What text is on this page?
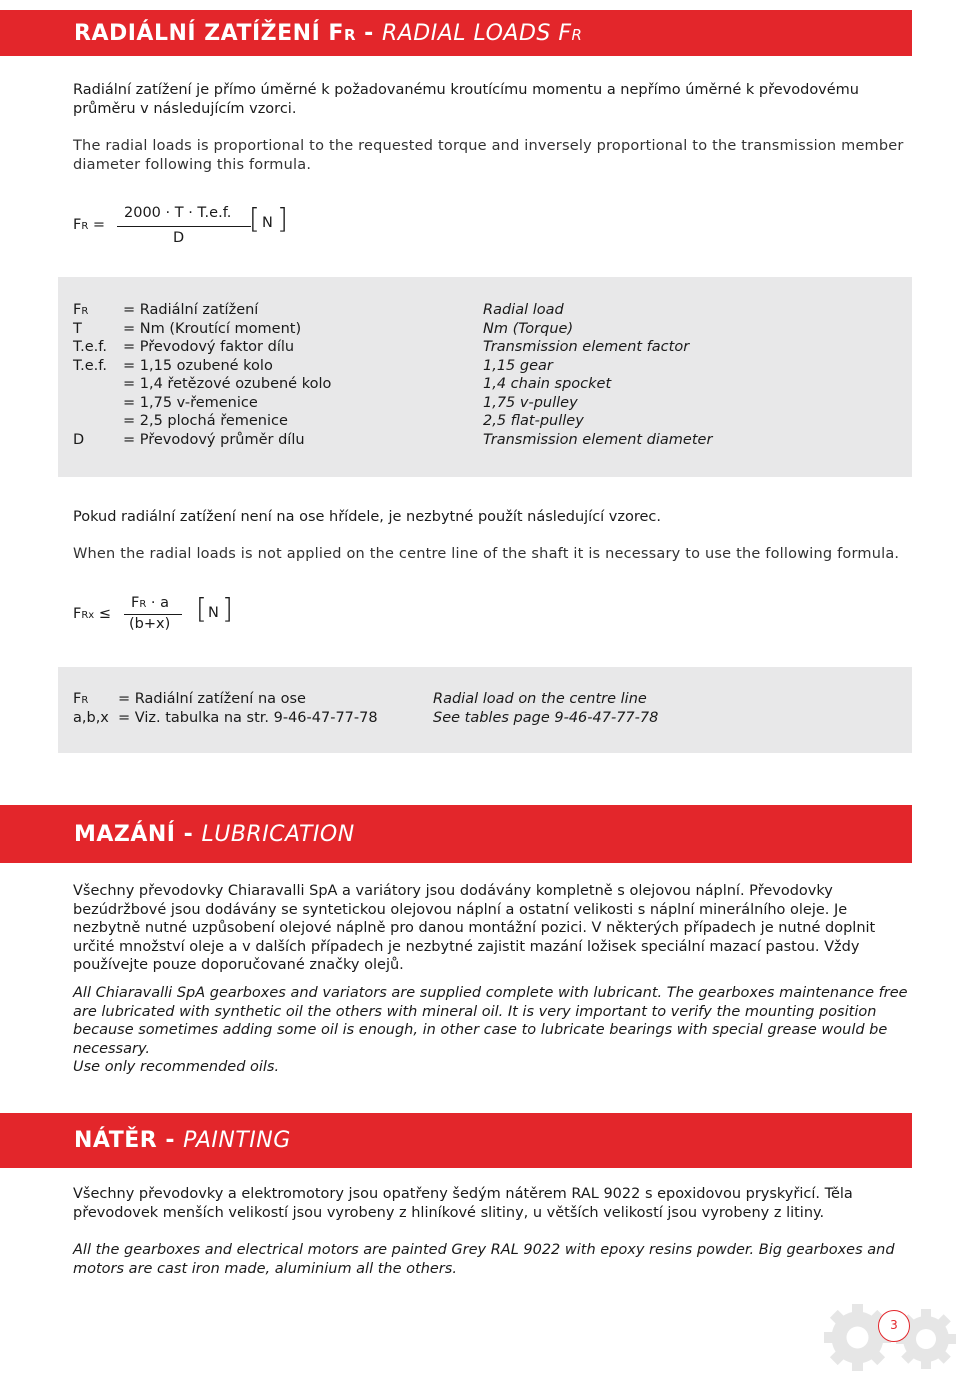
RADIÁLNÍ ZATÍŽENÍ FR - RADIAL LOADS FR
Radiální zatížení je přímo úměrné k požadovanému kroutícímu momentu a nepřímo úměrné k převodovému průměru v následujícím vzorci.
The radial loads is proportional to the requested torque and inversely proportional to the transmission member diameter following this formula.
FR =
2000 · T · T.e.f.
D
[ N ]
FR = Radiální zatížení	Radial load
T	= Nm (Kroutící moment)	Nm (Torque)
T.e.f. = Převodový faktor dílu	Transmission element factor
T.e.f. = 1,15 ozubené kolo	1,15 gear
= 1,4 řetězové ozubené kolo	1,4 chain spocket
= 1,75 v-řemenice	1,75 v-pulley
= 2,5 plochá řemenice	2,5 flat-pulley
D	= Převodový průměr dílu	Transmission element diameter
Pokud radiální zatížení není na ose hřídele, je nezbytné použít následující vzorec.
When the radial loads is not applied on the centre line of the shaft it is necessary to use the following formula.
FRx ≤
FR · a
(b+x) [ N ]
FR = Radiální zatížení na ose	Radial load on the centre line
a,b,x = Viz. tabulka na str. 9-46-47-77-78	See tables page 9-46-47-77-78
MAZÁNÍ - LUBRICATION
Všechny převodovky Chiaravalli SpA a variátory jsou dodávány kompletně s olejovou náplní. Převodovky bezúdržbové jsou dodávány se syntetickou olejovou náplní a ostatní velikosti s náplní minerálního oleje. Je nezbytně nutné uzpůsobení olejové náplně pro danou montážní pozici. V některých případech je nutné doplnit určité množství oleje a v dalších případech je nezbytné zajistit mazání ložisek speciální mazací pastou. Vždy používejte pouze doporučované značky olejů.
All Chiaravalli SpA gearboxes and variators are supplied complete with lubricant. The gearboxes maintenance free are lubricated with synthetic oil the others with mineral oil. It is very important to verify the mounting position because sometimes adding some oil is enough, in other case to lubricate bearings with special grease would be necessary.
Use only recommended oils.
NÁTĚR - PAINTING
Všechny převodovky a elektromotory jsou opatřeny šedým nátěrem RAL 9022 s epoxidovou pryskyřicí. Těla převodovek menších velikostí jsou vyrobeny z hliníkové slitiny, u větších velikostí jsou vyrobeny z litiny.
All the gearboxes and electrical motors are painted Grey RAL 9022 with epoxy resins powder. Big gearboxes and motors are cast iron made, aluminium all the others.
3
